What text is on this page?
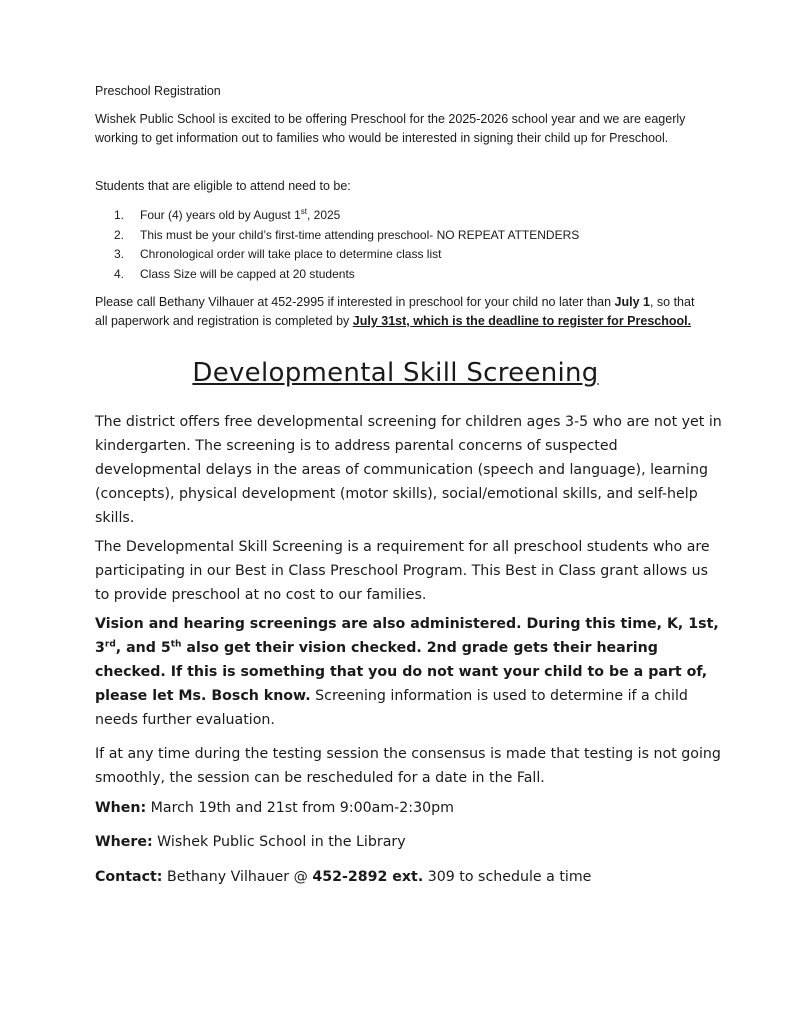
Preschool Registration

Wishek Public School is excited to be offering Preschool for the 2025-2026 school year and we are eagerly working to get information out to families who would be interested in signing their child up for Preschool.

Students that are eligible to attend need to be:

1.	Four (4) years old by August 1st, 2025
2.	This must be your child’s first-time attending preschool- NO REPEAT ATTENDERS
3.	Chronological order will take place to determine class list
4.	Class Size will be capped at 20 students

Please call Bethany Vilhauer at 452-2995 if interested in preschool for your child no later than July 1, so that all paperwork and registration is completed by July 31st, which is the deadline to register for Preschool.

Developmental Skill Screening

The district offers free developmental screening for children ages 3-5 who are not yet in kindergarten. The screening is to address parental concerns of suspected developmental delays in the areas of communication (speech and language), learning (concepts), physical development (motor skills), social/emotional skills, and self-help skills.

The Developmental Skill Screening is a requirement for all preschool students who are participating in our Best in Class Preschool Program. This Best in Class grant allows us to provide preschool at no cost to our families.

Vision and hearing screenings are also administered. During this time, K, 1st, 3rd, and 5th also get their vision checked. 2nd grade gets their hearing checked. If this is something that you do not want your child to be a part of, please let Ms. Bosch know. Screening information is used to determine if a child needs further evaluation.

If at any time during the testing session the consensus is made that testing is not going smoothly, the session can be rescheduled for a date in the Fall.

When: March 19th and 21st from 9:00am-2:30pm

Where: Wishek Public School in the Library

Contact: Bethany Vilhauer @ 452-2892 ext. 309 to schedule a time
